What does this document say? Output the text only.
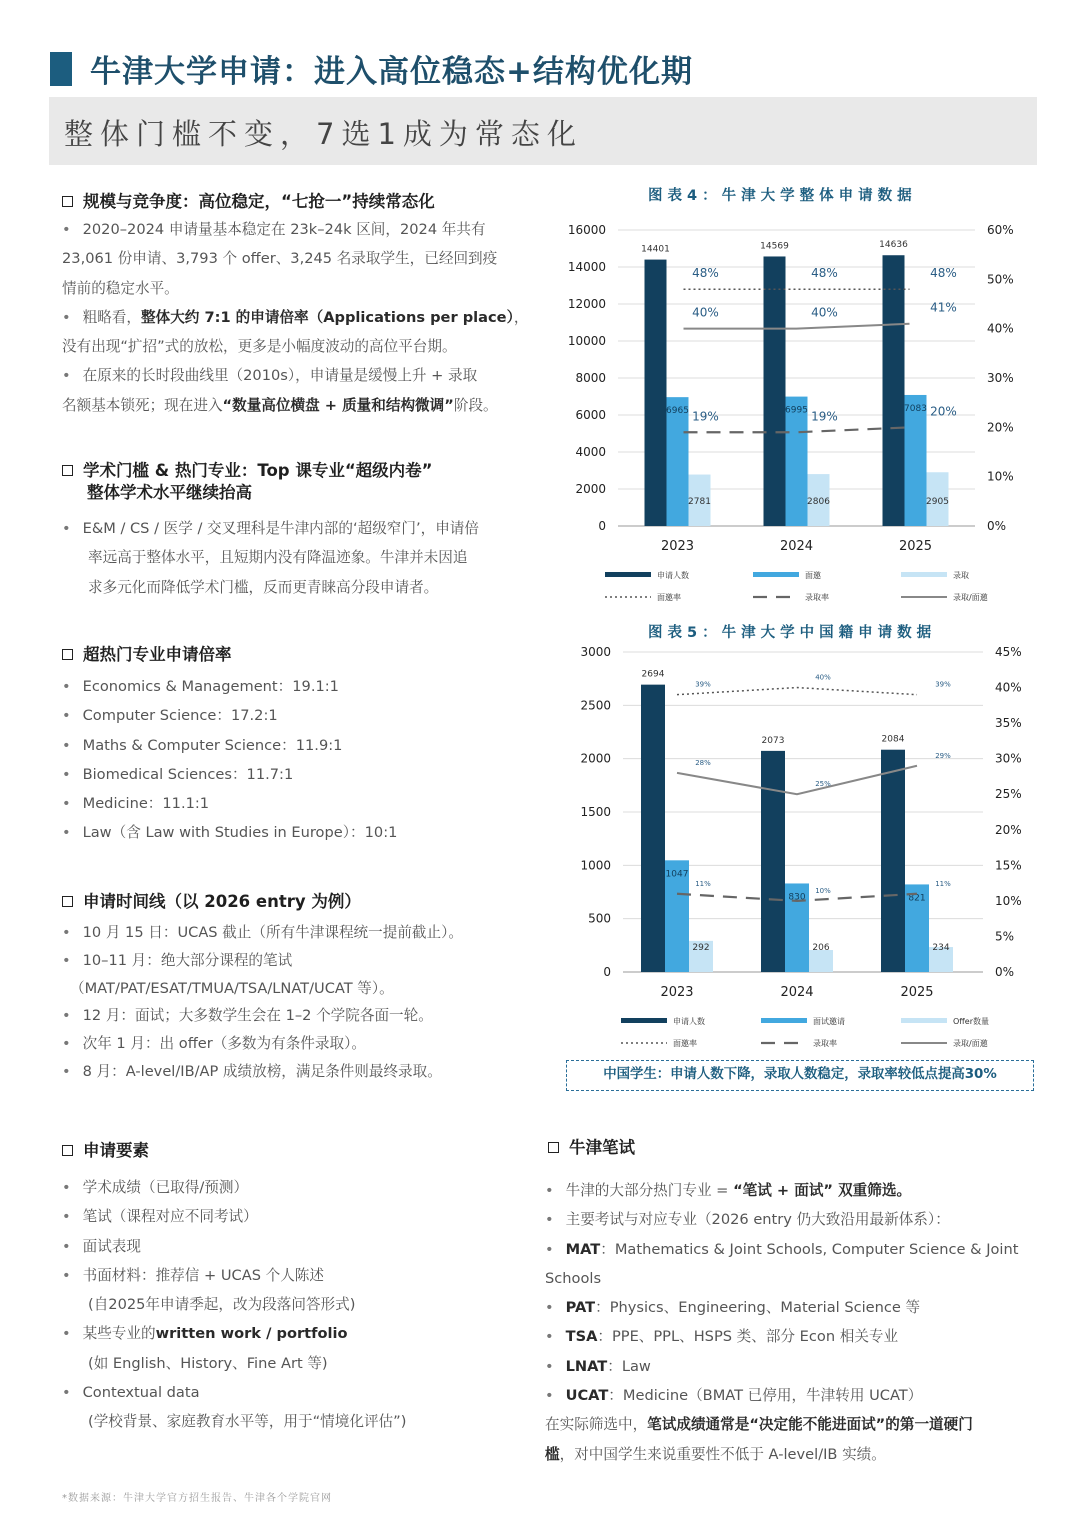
牛津大学申请：进入高位稳态+结构优化期
整体门槛不变，7选1成为常态化
规模与竞争度：高位稳定，“七抢一”持续常态化
• 2020–2024 申请量基本稳定在 23k–24k 区间，2024 年共有
23,061 份申请、3,793 个 offer、3,245 名录取学生，已经回到疫
情前的稳定水平。
• 粗略看，整体大约 7:1 的申请倍率（Applications per place），
没有出现“扩招”式的放松，更多是小幅度波动的高位平台期。
• 在原来的长时段曲线里（2010s），申请量是缓慢上升 + 录取
名额基本锁死；现在进入“数量高位横盘 + 质量和结构微调”阶段。
学术门槛 & 热门专业：Top 课专业“超级内卷”
整体学术水平继续抬高
• E&M / CS / 医学 / 交叉理科是牛津内部的‘超级窄门’，申请倍
率远高于整体水平，且短期内没有降温迹象。牛津并未因追
求多元化而降低学术门槛，反而更青睐高分段申请者。
超热门专业申请倍率
• Economics & Management：19.1:1
• Computer Science：17.2:1
• Maths & Computer Science：11.9:1
• Biomedical Sciences：11.7:1
• Medicine：11.1:1
• Law（含 Law with Studies in Europe）：10:1
申请时间线（以 2026 entry 为例）
• 10 月 15 日：UCAS 截止（所有牛津课程统一提前截止）。
• 10–11 月：绝大部分课程的笔试
（MAT/PAT/ESAT/TMUA/TSA/LNAT/UCAT 等）。
• 12 月：面试；大多数学生会在 1–2 个学院各面一轮。
• 次年 1 月：出 offer（多数为有条件录取）。
• 8 月：A-level/IB/AP 成绩放榜，满足条件则最终录取。
申请要素
• 学术成绩（已取得/预测）
• 笔试（课程对应不同考试）
• 面试表现
• 书面材料：推荐信 + UCAS 个人陈述
(自2025年申请季起，改为段落问答形式)
• 某些专业的written work / portfolio
(如 English、History、Fine Art 等)
• Contextual data
(学校背景、家庭教育水平等，用于“情境化评估”)
牛津笔试
• 牛津的大部分热门专业 = “笔试 + 面试” 双重筛选。
• 主要考试与对应专业（2026 entry 仍大致沿用最新体系）：
• MAT：Mathematics & Joint Schools, Computer Science & Joint
Schools
• PAT：Physics、Engineering、Material Science 等
• TSA：PPE、PPL、HSPS 类、部分 Econ 相关专业
• LNAT：Law
• UCAT：Medicine（BMAT 已停用，牛津转用 UCAT）
在实际筛选中，笔试成绩通常是“决定能不能进面试”的第一道硬门
槛，对中国学生来说重要性不低于 A-level/IB 实绩。
图表4：牛津大学整体申请数据
0
2000
4000
6000
8000
10000
12000
14000
16000
0%
10%
20%
30%
40%
50%
60%
14401
6965
2781
2023
14569
6995
2806
2024
14636
7083
2905
2025
48%	48%	48%
19%	19%	20%
40%	40%	41%
申请人数	面邀	录取
面邀率	录取率	录取/面邀
图表5：牛津大学中国籍申请数据
0
500
1000
1500
2000
2500
3000
0%
5%
10%
15%
20%
25%
30%
35%
40%
45%
2694
1047
292
2023
2073
830
206
2024
2084
821
234
2025
39%
40%
39%
11%
10%
11%
28%
25%
29%
申请人数	面试邀请	Offer数量
面邀率	录取率	录取/面邀
中国学生：申请人数下降，录取人数稳定，录取率较低点提高30%
*数据来源：牛津大学官方招生报告、牛津各个学院官网
